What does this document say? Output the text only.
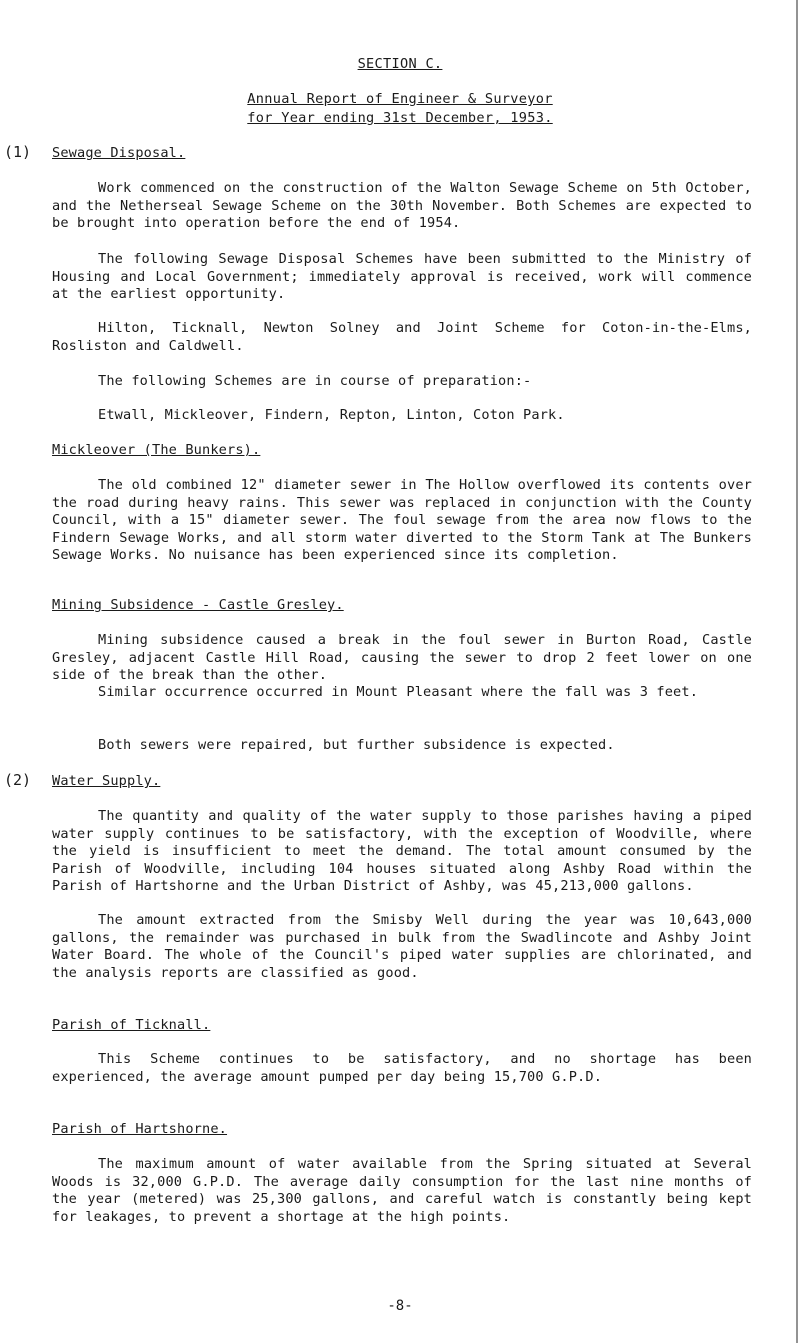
SECTION C.
Annual Report of Engineer & Surveyor
for Year ending 31st December, 1953.
(1) Sewage Disposal.

Work commenced on the construction of the Walton Sewage Scheme on 5th October, and the Netherseal Sewage Scheme on the 30th November. Both Schemes are expected to be brought into operation before the end of 1954.

The following Sewage Disposal Schemes have been submitted to the Ministry of Housing and Local Government; immediately approval is received, work will commence at the earliest opportunity.

Hilton, Ticknall, Newton Solney and Joint Scheme for Coton-in-the-Elms, Rosliston and Caldwell.

The following Schemes are in course of preparation:-

Etwall, Mickleover, Findern, Repton, Linton, Coton Park.

Mickleover (The Bunkers).

The old combined 12" diameter sewer in The Hollow overflowed its contents over the road during heavy rains. This sewer was replaced in conjunction with the County Council, with a 15" diameter sewer. The foul sewage from the area now flows to the Findern Sewage Works, and all storm water diverted to the Storm Tank at The Bunkers Sewage Works. No nuisance has been experienced since its completion.

Mining Subsidence - Castle Gresley.

Mining subsidence caused a break in the foul sewer in Burton Road, Castle Gresley, adjacent Castle Hill Road, causing the sewer to drop 2 feet lower on one side of the break than the other.

Similar occurrence occurred in Mount Pleasant where the fall was 3 feet.

Both sewers were repaired, but further subsidence is expected.

(2) Water Supply.

The quantity and quality of the water supply to those parishes having a piped water supply continues to be satisfactory, with the exception of Woodville, where the yield is insufficient to meet the demand. The total amount consumed by the Parish of Woodville, including 104 houses situated along Ashby Road within the Parish of Hartshorne and the Urban District of Ashby, was 45,213,000 gallons.

The amount extracted from the Smisby Well during the year was 10,643,000 gallons, the remainder was purchased in bulk from the Swadlincote and Ashby Joint Water Board. The whole of the Council's piped water supplies are chlorinated, and the analysis reports are classified as good.

Parish of Ticknall.

This Scheme continues to be satisfactory, and no shortage has been experienced, the average amount pumped per day being 15,700 G.P.D.

Parish of Hartshorne.

The maximum amount of water available from the Spring situated at Several Woods is 32,000 G.P.D. The average daily consumption for the last nine months of the year (metered) was 25,300 gallons, and careful watch is constantly being kept for leakages, to prevent a shortage at the high points.

-8-
